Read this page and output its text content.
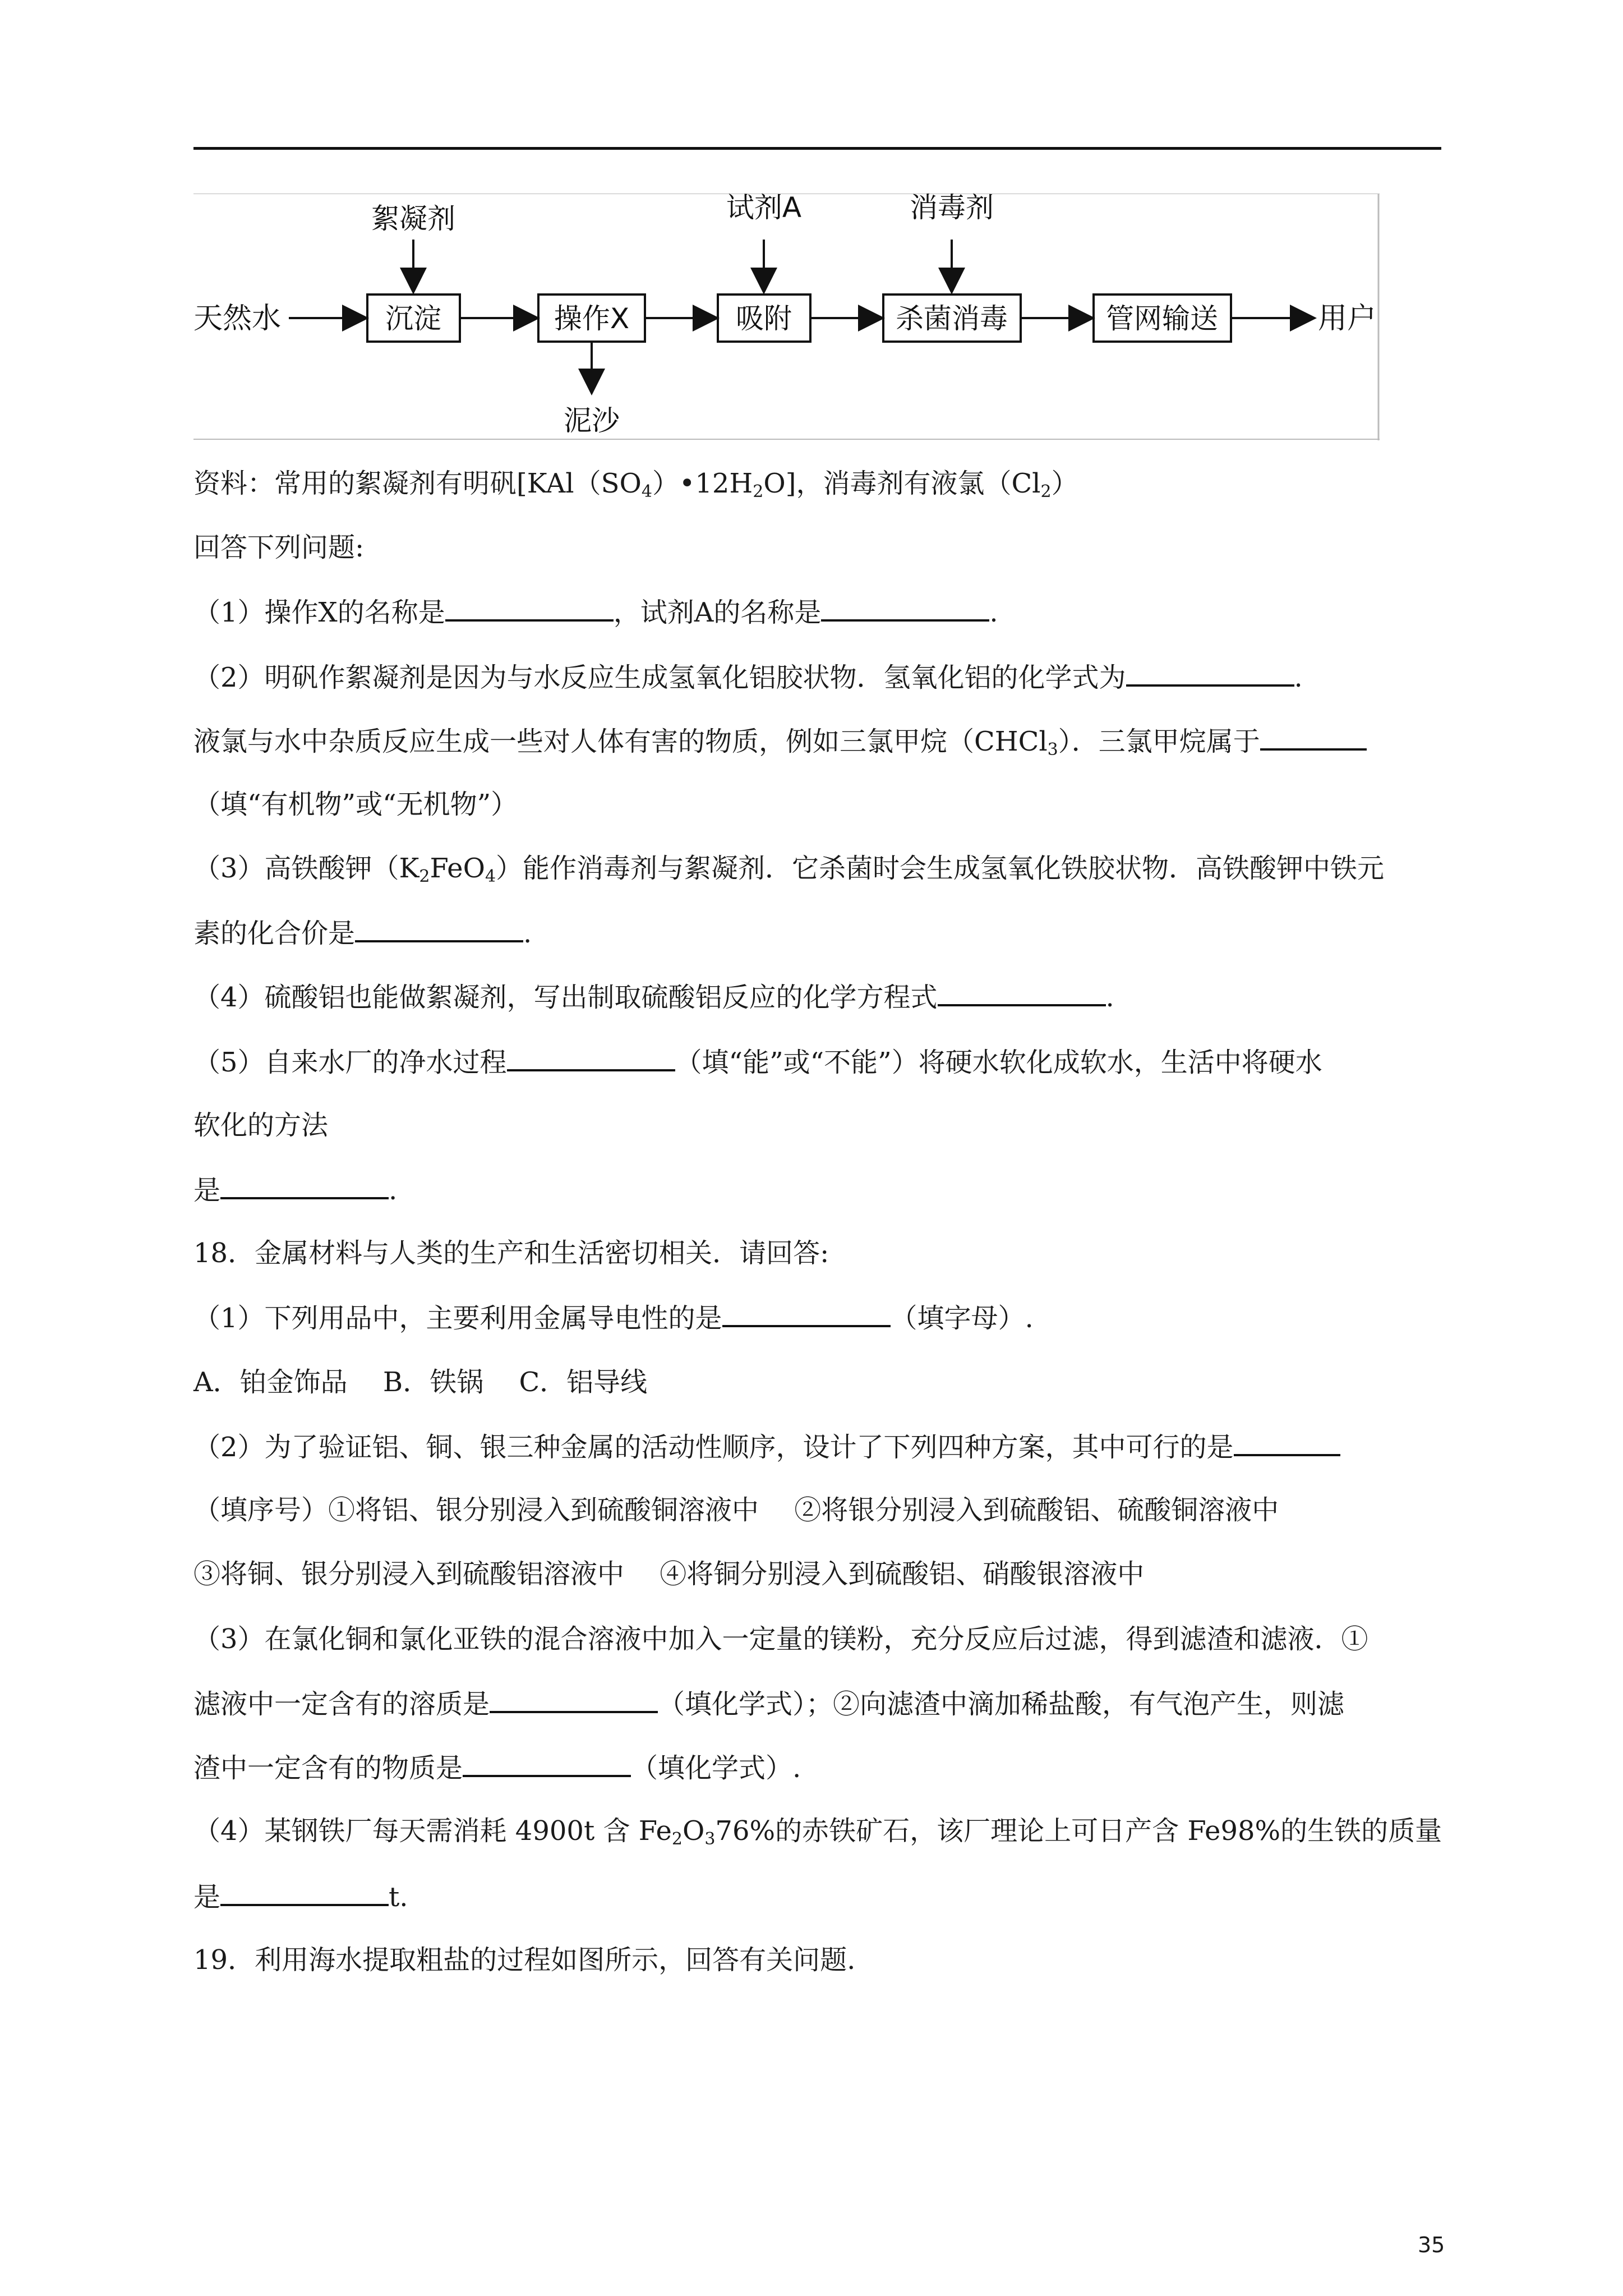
天然水	沉淀	操作X	吸附	杀菌消毒	管网输送	用户
絮凝剂	试剂A	消毒剂
泥沙
资料：常用的絮凝剂有明矾$[KAl(SO_4)•12H_2O]$，消毒剂有液氯$(Cl_2)$
回答下列问题:
（1）操作X的名称是	，试剂A的名称是	.
（2）明矾作絮凝剂是因为与水反应生成氢氧化铝胶状物．氢氧化铝的化学式为	.
液氯与水中杂质反应生成一些对人体有害的物质，例如三氯甲烷（CHCl$_3$）．三氯甲烷属于
（填“有机物”或“无机物”）
（3）高铁酸钾$(K_2FeO_4)$能作消毒剂与絮凝剂．它杀菌时会生成氢氧化铁胶状物．高铁酸钾中铁元
素的化合价是	.
（4）硫酸铝也能做絮凝剂，写出制取硫酸铝反应的化学方程式	.
（5）自来水厂的净水过程	（填“能”或“不能”）将硬水软化成软水，生活中将硬水
软化的方法
是	.
18．金属材料与人类的生产和生活密切相关．请回答:
（1）下列用品中，主要利用金属导电性的是	（填字母）.
A．铂金饰品　 B．铁锅　 C．铝导线
（2）为了验证铝、铜、银三种金属的活动性顺序，设计了下列四种方案，其中可行的是
（填序号）①将铝、银分别浸入到硫酸铜溶液中　 ②将银分别浸入到硫酸铝、硫酸铜溶液中
③将铜、银分别浸入到硫酸铝溶液中　 ④将铜分别浸入到硫酸铝、硝酸银溶液中
（3）在氯化铜和氯化亚铁的混合溶液中加入一定量的镁粉，充分反应后过滤，得到滤渣和滤液．①
滤液中一定含有的溶质是	（填化学式）；②向滤渣中滴加稀盐酸，有气泡产生，则滤
渣中一定含有的物质是	（填化学式）.
（4）某钢铁厂每天需消耗 4900t 含 $Fe_2O_376\%$的赤铁矿石，该厂理论上可日产含 Fe98%的生铁的质量
是	t.
19．利用海水提取粗盐的过程如图所示，回答有关问题.
35
